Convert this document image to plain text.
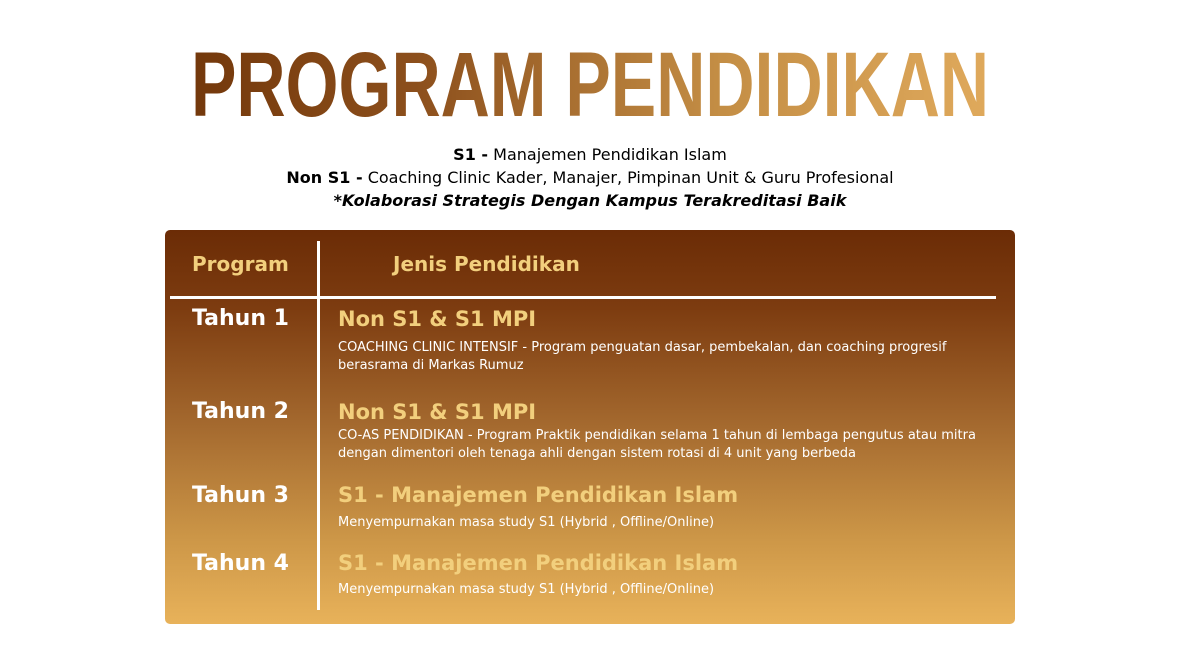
PROGRAM PENDIDIKAN
S1 - Manajemen Pendidikan Islam
Non S1 - Coaching Clinic Kader, Manajer, Pimpinan Unit & Guru Profesional
*Kolaborasi Strategis Dengan Kampus Terakreditasi Baik
Program	Jenis Pendidikan
Tahun 1 Non S1 & S1 MPI
COACHING CLINIC INTENSIF - Program penguatan dasar, pembekalan, dan coaching progresif berasrama di Markas Rumuz
Tahun 2 Non S1 & S1 MPI
CO-AS PENDIDIKAN - Program Praktik pendidikan selama 1 tahun di lembaga pengutus atau mitra dengan dimentori oleh tenaga ahli dengan sistem rotasi di 4 unit yang berbeda
Tahun 3 S1 - Manajemen Pendidikan Islam
Menyempurnakan masa study S1 (Hybrid , Offline/Online)
Tahun 4 S1 - Manajemen Pendidikan Islam
Menyempurnakan masa study S1 (Hybrid , Offline/Online)
